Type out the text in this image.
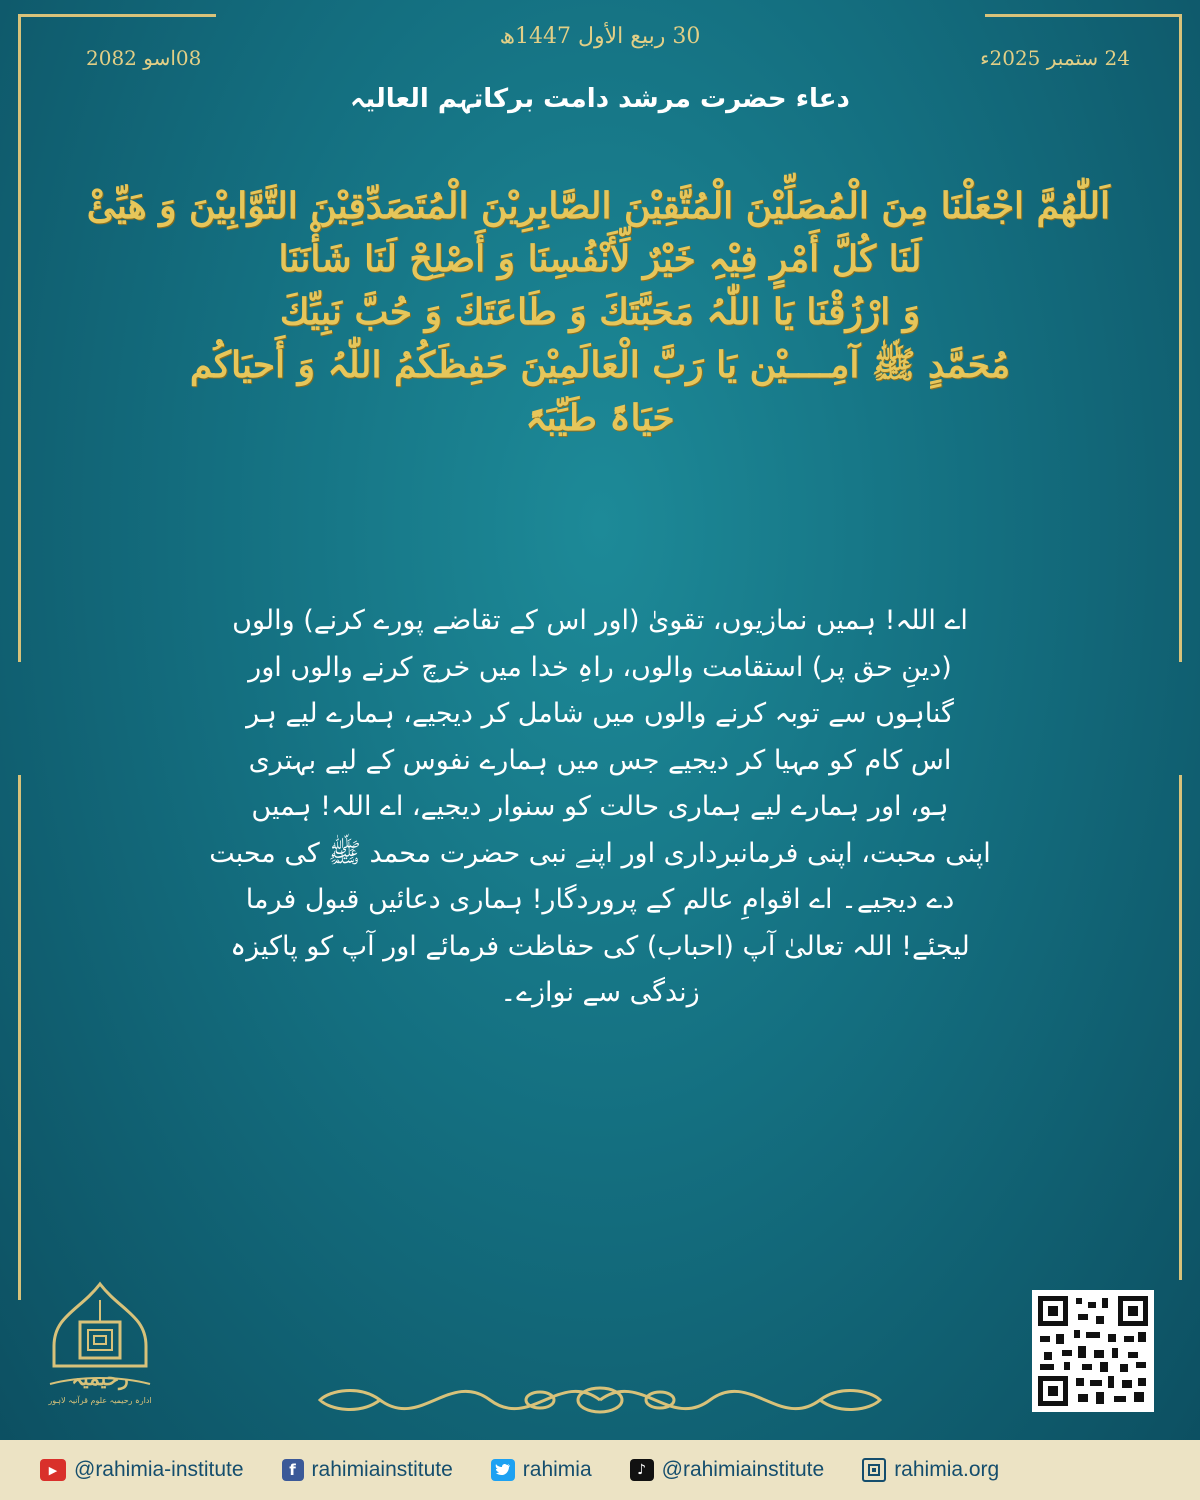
30 ربیع الأول 1447ھ
08اسو 2082	24 ستمبر 2025ء
دعاء حضرت مرشد دامت برکاتہم العالیہ
اَللّٰھُمَّ اجْعَلْنَا مِنَ الْمُصَلِّیْنَ الْمُتَّقِیْنَ الصَّابِرِیْنَ الْمُتَصَدِّقِیْنَ التَّوَّابِیْنَ وَ ھَیِّئْ
لَنَا کُلَّ أَمْرٍ فِیْہِ خَیْرٌ لِّأَنْفُسِنَا وَ أَصْلِحْ لَنَا شَأْنَنَا
وَ ارْزُقْنَا یَا اللّٰہُ مَحَبَّتَكَ وَ طَاعَتَكَ وَ حُبَّ نَبِیِّكَ
مُحَمَّدٍ ﷺ آمِــــیْن یَا رَبَّ الْعَالَمِیْنَ حَفِظَکُمُ اللّٰہُ وَ أَحیَاکُم
حَیَاۃً طَیِّبَۃً
اے اللہ! ہمیں نمازیوں، تقویٰ (اور اس کے تقاضے پورے کرنے) والوں
(دینِ حق پر) استقامت والوں، راہِ خدا میں خرچ کرنے والوں اور
گناہوں سے توبہ کرنے والوں میں شامل کر دیجیے، ہمارے لیے ہر
اس کام کو مہیا کر دیجیے جس میں ہمارے نفوس کے لیے بہتری
ہو، اور ہمارے لیے ہماری حالت کو سنوار دیجیے، اے اللہ! ہمیں
اپنی محبت، اپنی فرمانبرداری اور اپنے نبی حضرت محمد ﷺ کی محبت
دے دیجیے۔ اے اقوامِ عالم کے پروردگار! ہماری دعائیں قبول فرما
لیجئے! اللہ تعالیٰ آپ (احباب) کی حفاظت فرمائے اور آپ کو پاکیزہ
زندگی سے نوازے۔
رحیمیہ
ادارہ رحیمیہ علوم قرآنیہ لاہور
▶ @rahimia-institute	f rahimiainstitute	rahimia	♪ @rahimiainstitute	rahimia.org
